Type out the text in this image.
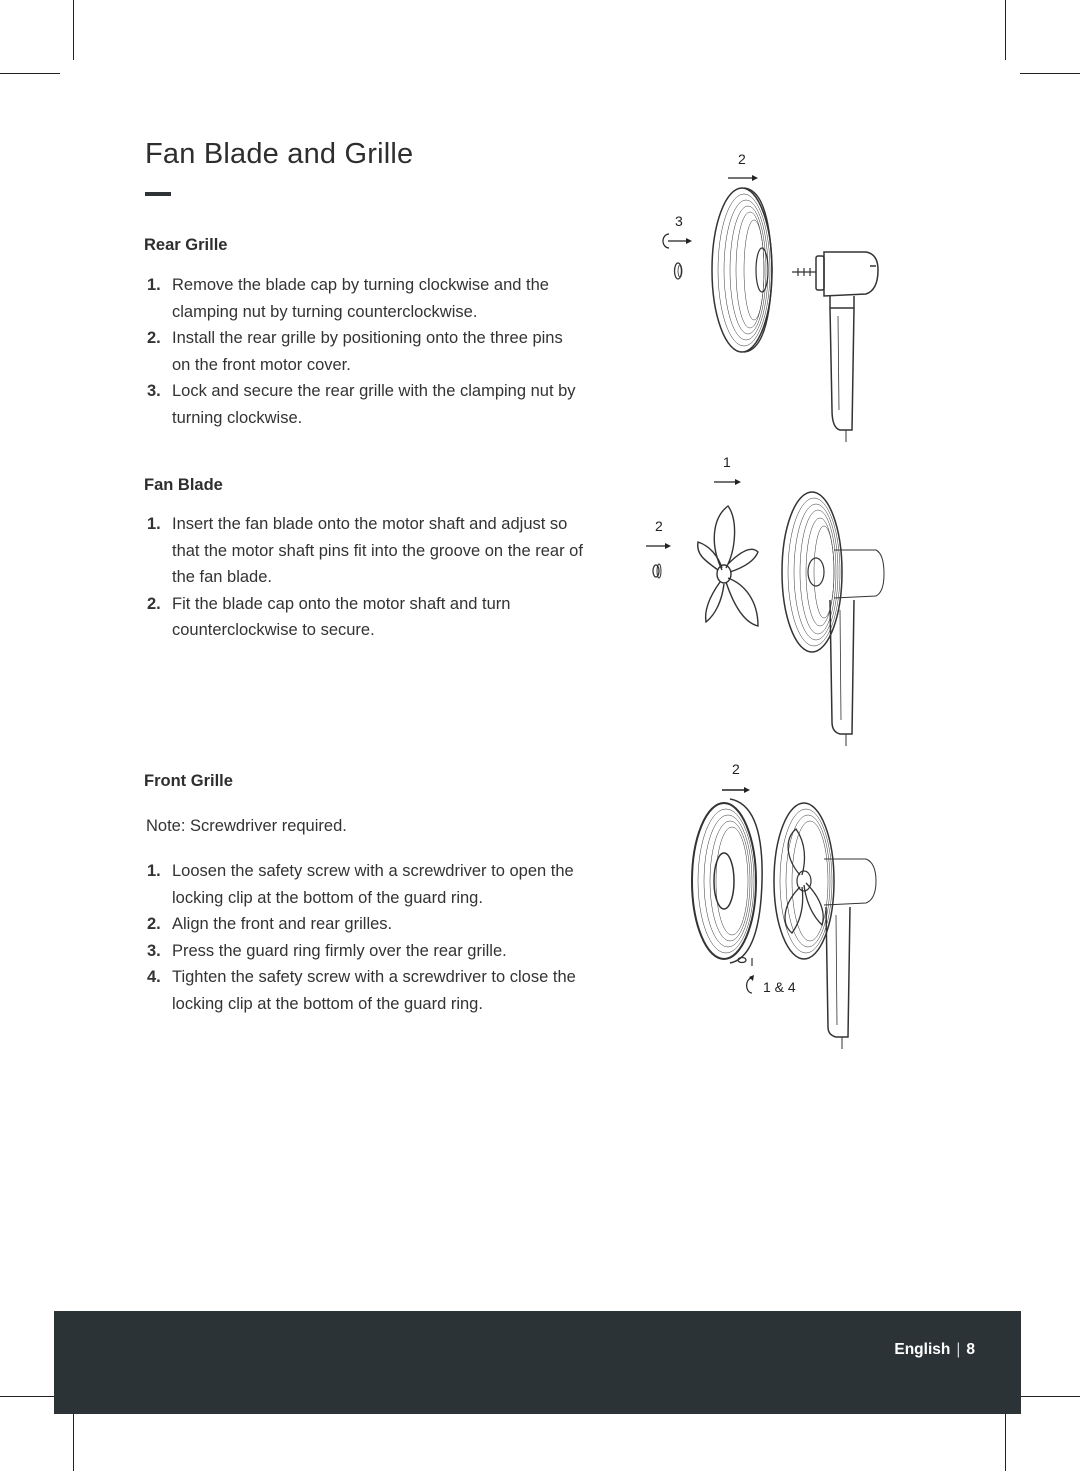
Fan Blade and Grille
Rear Grille
1. Remove the blade cap by turning clockwise and the clamping nut by turning counterclockwise.
2. Install the rear grille by positioning onto the three pins on the front motor cover.
3. Lock and secure the rear grille with the clamping nut by turning clockwise.
Fan Blade
1. Insert the fan blade onto the motor shaft and adjust so that the motor shaft pins fit into the groove on the rear of the fan blade.
2. Fit the blade cap onto the motor shaft and turn counterclockwise to secure.
Front Grille

Note: Screwdriver required.

1. Loosen the safety screw with a screwdriver to open the locking clip at the bottom of the guard ring.
2. Align the front and rear grilles.
3. Press the guard ring firmly over the rear grille.
4. Tighten the safety screw with a screwdriver to close the locking clip at the bottom of the guard ring.
2
3
1
2
2
1 & 4
English | 8
